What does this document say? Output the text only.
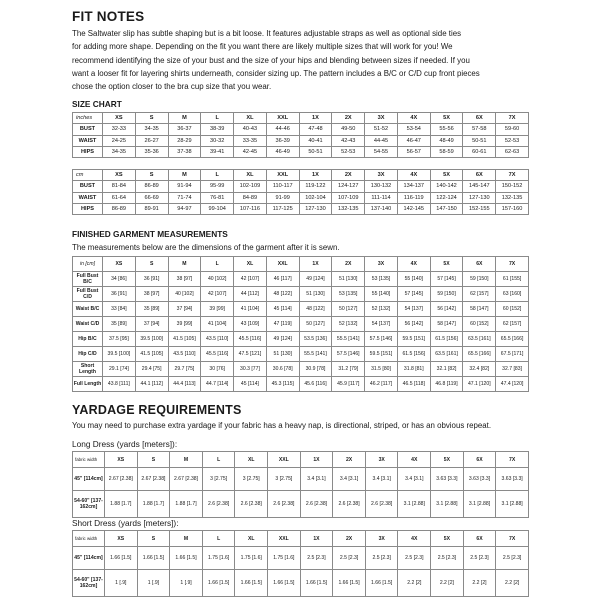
FIT NOTES
The Saltwater slip has subtle shaping but is a bit loose. It features adjustable straps as well as optional side ties
for adding more shape. Depending on the fit you want there are likely multiple sizes that will work for you! We
recommend identifying the size of your bust and the size of your hips and blending between sizes if needed. If you
want a looser fit for layering shirts underneath, consider sizing up. The pattern includes a B/C or C/D cup front pieces
chose the option closer to the bra cup size that you wear.
SIZE CHART
inches	XS	S	M	L	XL	XXL	1X	2X	3X	4X	5X	6X	7X
BUST	32-33	34-35	36-37	38-39	40-43	44-46	47-48	49-50	51-52	53-54	55-56	57-58	59-60
WAIST	24-25	26-27	28-29	30-32	33-35	36-39	40-41	42-43	44-45	46-47	48-49	50-51	52-53
HIPS	34-35	35-36	37-38	39-41	42-45	46-49	50-51	52-53	54-55	56-57	58-59	60-61	62-63
cm	XS	S	M	L	XL	XXL	1X	2X	3X	4X	5X	6X	7X
BUST	81-84	86-89	91-94	95-99	102-109	110-117	119-122	124-127	130-132	134-137	140-142	145-147	150-152
WAIST	61-64	66-69	71-74	76-81	84-89	91-99	102-104	107-109	111-114	116-119	122-124	127-130	132-135
HIPS	86-89	89-91	94-97	99-104	107-116	117-125	127-130	132-135	137-140	142-145	147-150	152-155	157-160
FINISHED GARMENT MEASUREMENTS
The measurements below are the dimensions of the garment after it is sewn.
in [cm]	XS	S	M	L	XL	XXL	1X	2X	3X	4X	5X	6X	7X
Full Bust B/C	34 [86]	36 [91]	38 [97]	40 [102]	42 [107]	46 [117]	49 [124]	51 [130]	53 [135]	55 [140]	57 [145]	59 [150]	61 [155]
Full Bust C/D	36 [91]	38 [97]	40 [102]	42 [107]	44 [112]	48 [122]	51 [130]	53 [135]	55 [140]	57 [145]	59 [150]	62 [157]	63 [160]
Waist B/C	33 [84]	35 [89]	37 [94]	39 [99]	41 [104]	45 [114]	48 [122]	50 [127]	52 [132]	54 [137]	56 [142]	58 [147]	60 [152]
Waist C/D	35 [89]	37 [94]	39 [99]	41 [104]	43 [109]	47 [119]	50 [127]	52 [132]	54 [137]	56 [142]	58 [147]	60 [152]	62 [157]
Hip B/C	37.5 [95]	39.5 [100]	41.5 [105]	43.5 [110]	45.5 [116]	49 [124]	53.5 [136]	55.5 [141]	57.5 [146]	59.5 [151]	61.5 [156]	63.5 [161]	65.5 [166]
Hip C/D	39.5 [100]	41.5 [105]	43.5 [110]	45.5 [116]	47.5 [121]	51 [130]	55.5 [141]	57.5 [146]	59.5 [151]	61.5 [156]	63.5 [161]	65.5 [166]	67.5 [171]
Short Length	29.1 [74]	29.4 [75]	29.7 [75]	30 [76]	30.3 [77]	30.6 [78]	30.9 [78]	31.2 [79]	31.5 [80]	31.8 [81]	32.1 [82]	32.4 [82]	32.7 [83]
Full Length	43.8 [111]	44.1 [112]	44.4 [113]	44.7 [114]	45 [114]	45.3 [115]	45.6 [116]	45.9 [117]	46.2 [117]	46.5 [118]	46.8 [119]	47.1 [120]	47.4 [120]
YARDAGE REQUIREMENTS
You may need to purchase extra yardage if your fabric has a heavy nap, is directional, striped, or has an obvious repeat.
Long Dress (yards [meters]):
fabric width	XS	S	M	L	XL	XXL	1X	2X	3X	4X	5X	6X	7X
45" [114cm]	2.67 [2.38]	2.67 [2.38]	2.67 [2.38]	3 [2.75]	3 [2.75]	3 [2.75]	3.4 [3.1]	3.4 [3.1]	3.4 [3.1]	3.4 [3.1]	3.63 [3.3]	3.63 [3.3]	3.63 [3.3]
54-60" [137-162cm]	1.88 [1.7]	1.88 [1.7]	1.88 [1.7]	2.6 [2.38]	2.6 [2.38]	2.6 [2.38]	2.6 [2.38]	2.6 [2.38]	2.6 [2.38]	3.1 [2.88]	3.1 [2.88]	3.1 [2.88]	3.1 [2.88]
Short Dress (yards [meters]):
fabric width	XS	S	M	L	XL	XXL	1X	2X	3X	4X	5X	6X	7X
45" [114cm]	1.66 [1.5]	1.66 [1.5]	1.66 [1.5]	1.75 [1.6]	1.75 [1.6]	1.75 [1.6]	2.5 [2.3]	2.5 [2.3]	2.5 [2.3]	2.5 [2.3]	2.5 [2.3]	2.5 [2.3]	2.5 [2.3]
54-60" [137-162cm]	1 [.9]	1 [.9]	1 [.9]	1.66 [1.5]	1.66 [1.5]	1.66 [1.5]	1.66 [1.5]	1.66 [1.5]	1.66 [1.5]	2.2 [2]	2.2 [2]	2.2 [2]	2.2 [2]
